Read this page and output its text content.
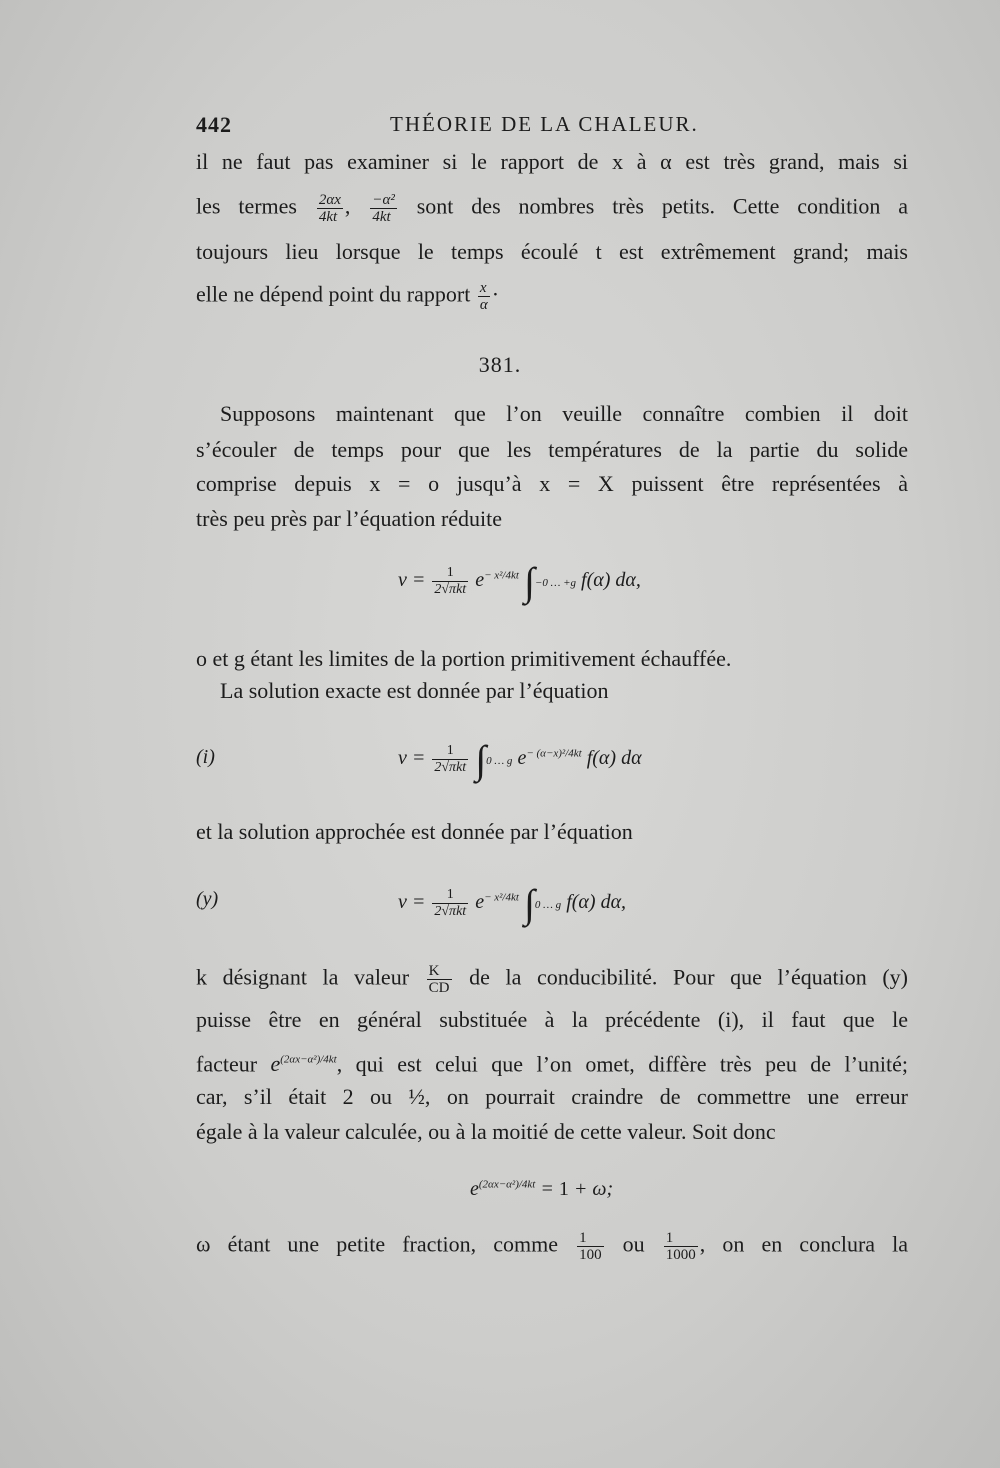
442	THÉORIE DE LA CHALEUR.
il ne faut pas examiner si le rapport de x à α est très grand, mais si
les termes $\frac{2\alpha x}{4kt}$ , $\frac{\text{−α²}}{4kt}$ sont des nombres très petits. Cette condition a
toujours lieu lorsque le temps écoulé t est extrêmement grand; mais
elle ne dépend point du rapport $\frac{x}{\alpha}$ ·
381.
Supposons maintenant que l’on veuille connaître combien il doit
s’écouler de temps pour que les températures de la partie du solide
comprise depuis x = o jusqu’à x = X puissent être représentées à
très peu près par l’équation réduite
$v = \frac{1}{\text{2√πkt}} e^{- x^2/4kt}$ ∫−0 … +g f(α) dα,
o et g étant les limites de la portion primitivement échauffée.
La solution exacte est donnée par l’équation
(i)	$v = \frac{1}{\text{2√πkt}} \int 0$ … g $e^{- (\alpha-x)^2/4kt}$ f(α) dα
et la solution approchée est donnée par l’équation
(y)	$v = \frac{1}{\text{2√πkt}} e^{- x^2/4kt}$ ∫0 … g f(α) dα,
k désignant la valeur $\frac{K}{CD}$ de la conducibilité. Pour que l’équation (y)
puisse être en général substituée à la précédente (i), il faut que le
facteur $e^{(2\alpha x-\alpha^2)/4kt}$, qui est celui que l’on omet, diffère très peu de l’unité;
car, s’il était 2 ou ½, on pourrait craindre de commettre une erreur
égale à la valeur calculée, ou à la moitié de cette valeur. Soit donc
$e^{(2\alpha x-\alpha^2)/4kt} = 1 + \omega$;
ω étant une petite fraction, comme $\frac{1}{100}$ ou $\frac{1}{1000}$ , on en conclura la
